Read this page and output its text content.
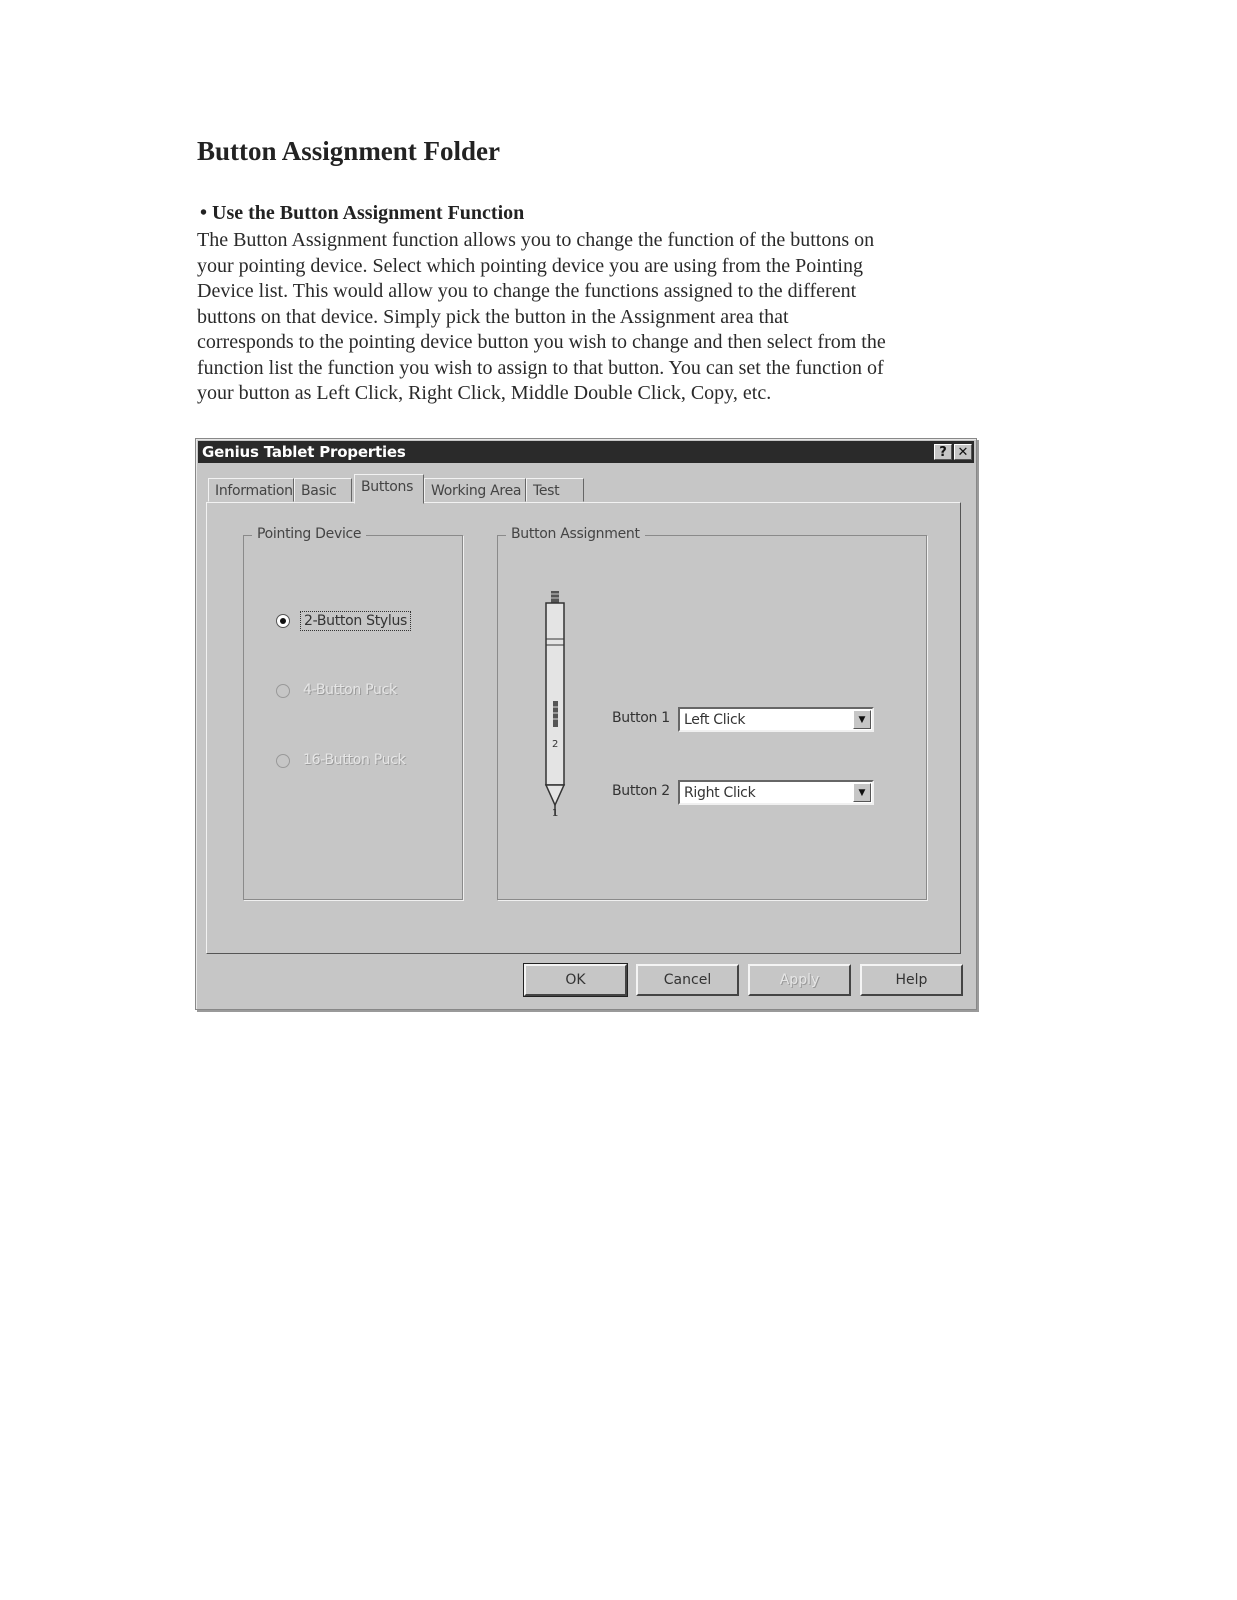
Button Assignment Folder
• Use the Button Assignment Function
The Button Assignment function allows you to change the function of the buttons on
your pointing device. Select which pointing device you are using from the Pointing
Device list. This would allow you to change the functions assigned to the different
buttons on that device. Simply pick the button in the Assignment area that
corresponds to the pointing device button you wish to change and then select from the
function list the function you wish to assign to that button. You can set the function of
your button as Left Click, Right Click, Middle Double Click, Copy, etc.
Genius Tablet Properties	? ✕
Information Basic	Buttons	Working Area Test
Pointing Device
2-Button Stylus
4-Button Puck
16-Button Puck
Button Assignment
2
1
Button 1 Left Click	▼
Button 2 Right Click	▼
OK	Cancel	Apply	Help
